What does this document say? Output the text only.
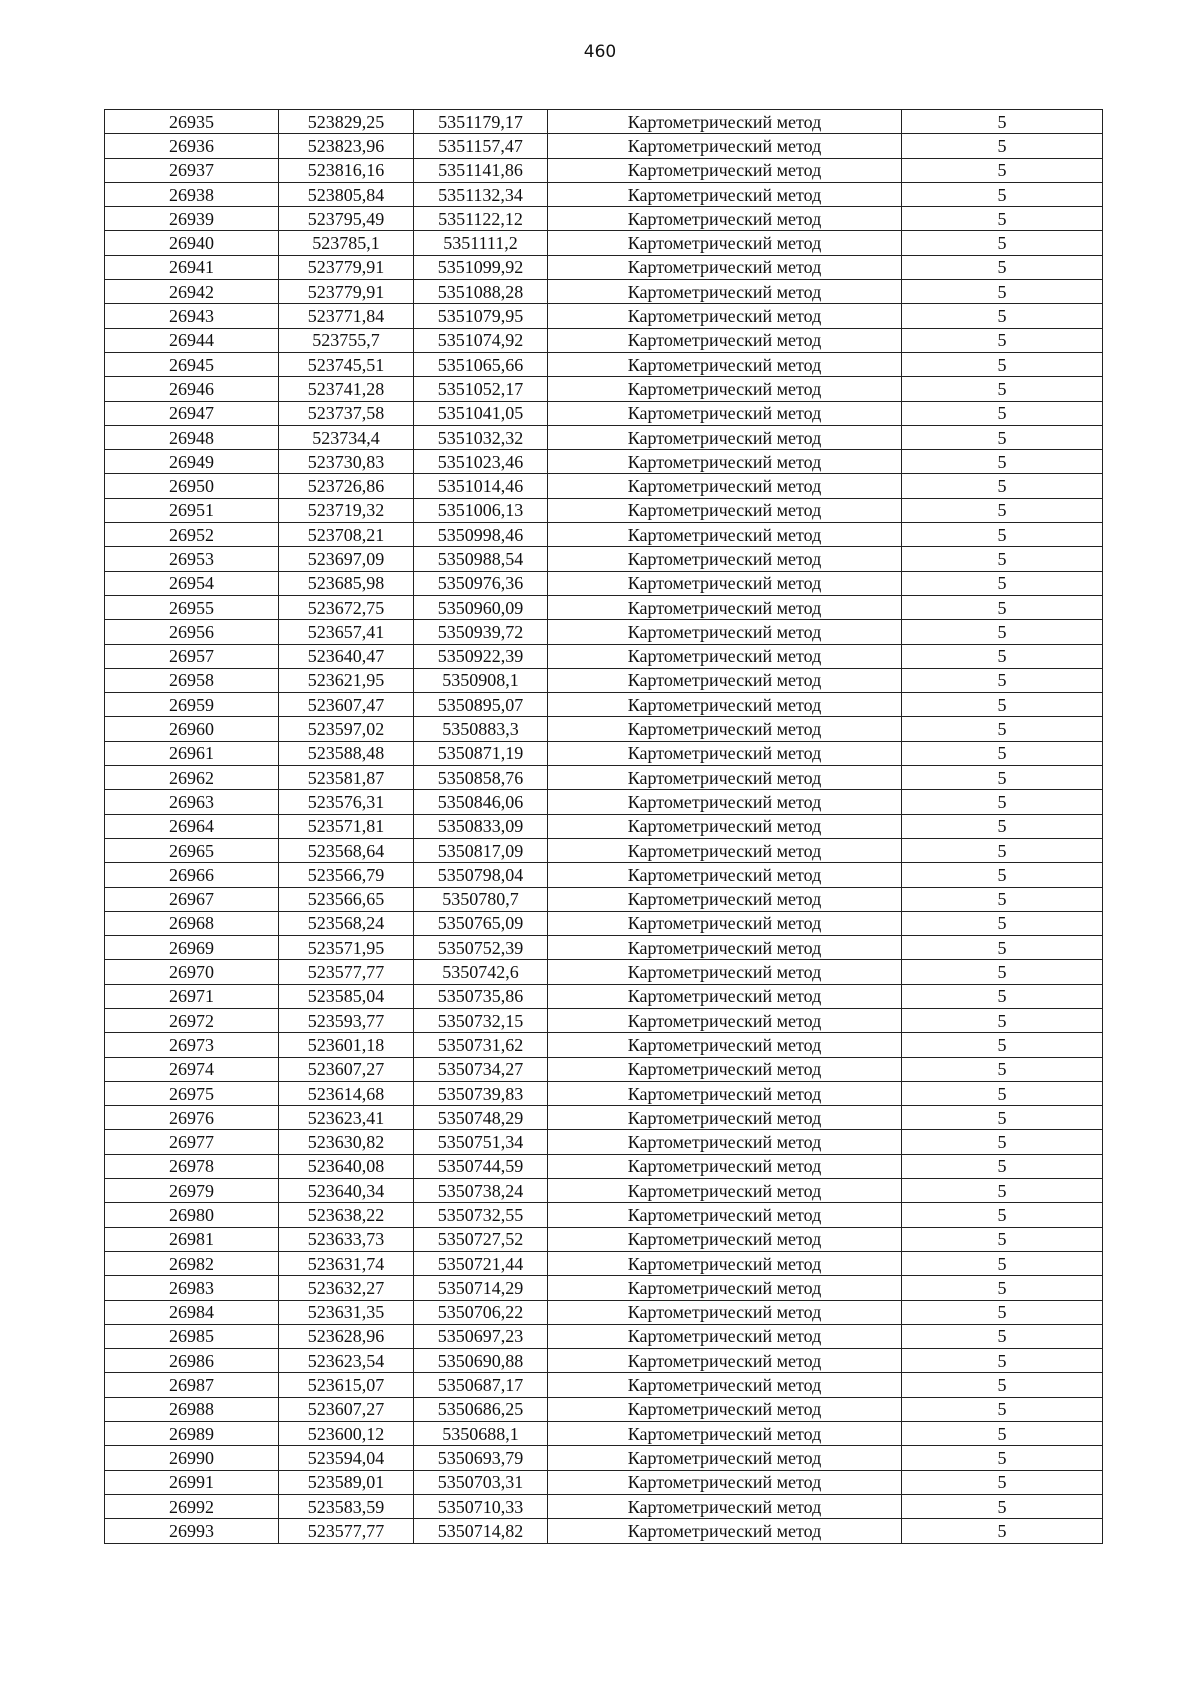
460
26935	523829,25	5351179,17	Картометрический метод	5
26936	523823,96	5351157,47	Картометрический метод	5
26937	523816,16	5351141,86	Картометрический метод	5
26938	523805,84	5351132,34	Картометрический метод	5
26939	523795,49	5351122,12	Картометрический метод	5
26940	523785,1	5351111,2	Картометрический метод	5
26941	523779,91	5351099,92	Картометрический метод	5
26942	523779,91	5351088,28	Картометрический метод	5
26943	523771,84	5351079,95	Картометрический метод	5
26944	523755,7	5351074,92	Картометрический метод	5
26945	523745,51	5351065,66	Картометрический метод	5
26946	523741,28	5351052,17	Картометрический метод	5
26947	523737,58	5351041,05	Картометрический метод	5
26948	523734,4	5351032,32	Картометрический метод	5
26949	523730,83	5351023,46	Картометрический метод	5
26950	523726,86	5351014,46	Картометрический метод	5
26951	523719,32	5351006,13	Картометрический метод	5
26952	523708,21	5350998,46	Картометрический метод	5
26953	523697,09	5350988,54	Картометрический метод	5
26954	523685,98	5350976,36	Картометрический метод	5
26955	523672,75	5350960,09	Картометрический метод	5
26956	523657,41	5350939,72	Картометрический метод	5
26957	523640,47	5350922,39	Картометрический метод	5
26958	523621,95	5350908,1	Картометрический метод	5
26959	523607,47	5350895,07	Картометрический метод	5
26960	523597,02	5350883,3	Картометрический метод	5
26961	523588,48	5350871,19	Картометрический метод	5
26962	523581,87	5350858,76	Картометрический метод	5
26963	523576,31	5350846,06	Картометрический метод	5
26964	523571,81	5350833,09	Картометрический метод	5
26965	523568,64	5350817,09	Картометрический метод	5
26966	523566,79	5350798,04	Картометрический метод	5
26967	523566,65	5350780,7	Картометрический метод	5
26968	523568,24	5350765,09	Картометрический метод	5
26969	523571,95	5350752,39	Картометрический метод	5
26970	523577,77	5350742,6	Картометрический метод	5
26971	523585,04	5350735,86	Картометрический метод	5
26972	523593,77	5350732,15	Картометрический метод	5
26973	523601,18	5350731,62	Картометрический метод	5
26974	523607,27	5350734,27	Картометрический метод	5
26975	523614,68	5350739,83	Картометрический метод	5
26976	523623,41	5350748,29	Картометрический метод	5
26977	523630,82	5350751,34	Картометрический метод	5
26978	523640,08	5350744,59	Картометрический метод	5
26979	523640,34	5350738,24	Картометрический метод	5
26980	523638,22	5350732,55	Картометрический метод	5
26981	523633,73	5350727,52	Картометрический метод	5
26982	523631,74	5350721,44	Картометрический метод	5
26983	523632,27	5350714,29	Картометрический метод	5
26984	523631,35	5350706,22	Картометрический метод	5
26985	523628,96	5350697,23	Картометрический метод	5
26986	523623,54	5350690,88	Картометрический метод	5
26987	523615,07	5350687,17	Картометрический метод	5
26988	523607,27	5350686,25	Картометрический метод	5
26989	523600,12	5350688,1	Картометрический метод	5
26990	523594,04	5350693,79	Картометрический метод	5
26991	523589,01	5350703,31	Картометрический метод	5
26992	523583,59	5350710,33	Картометрический метод	5
26993	523577,77	5350714,82	Картометрический метод	5
